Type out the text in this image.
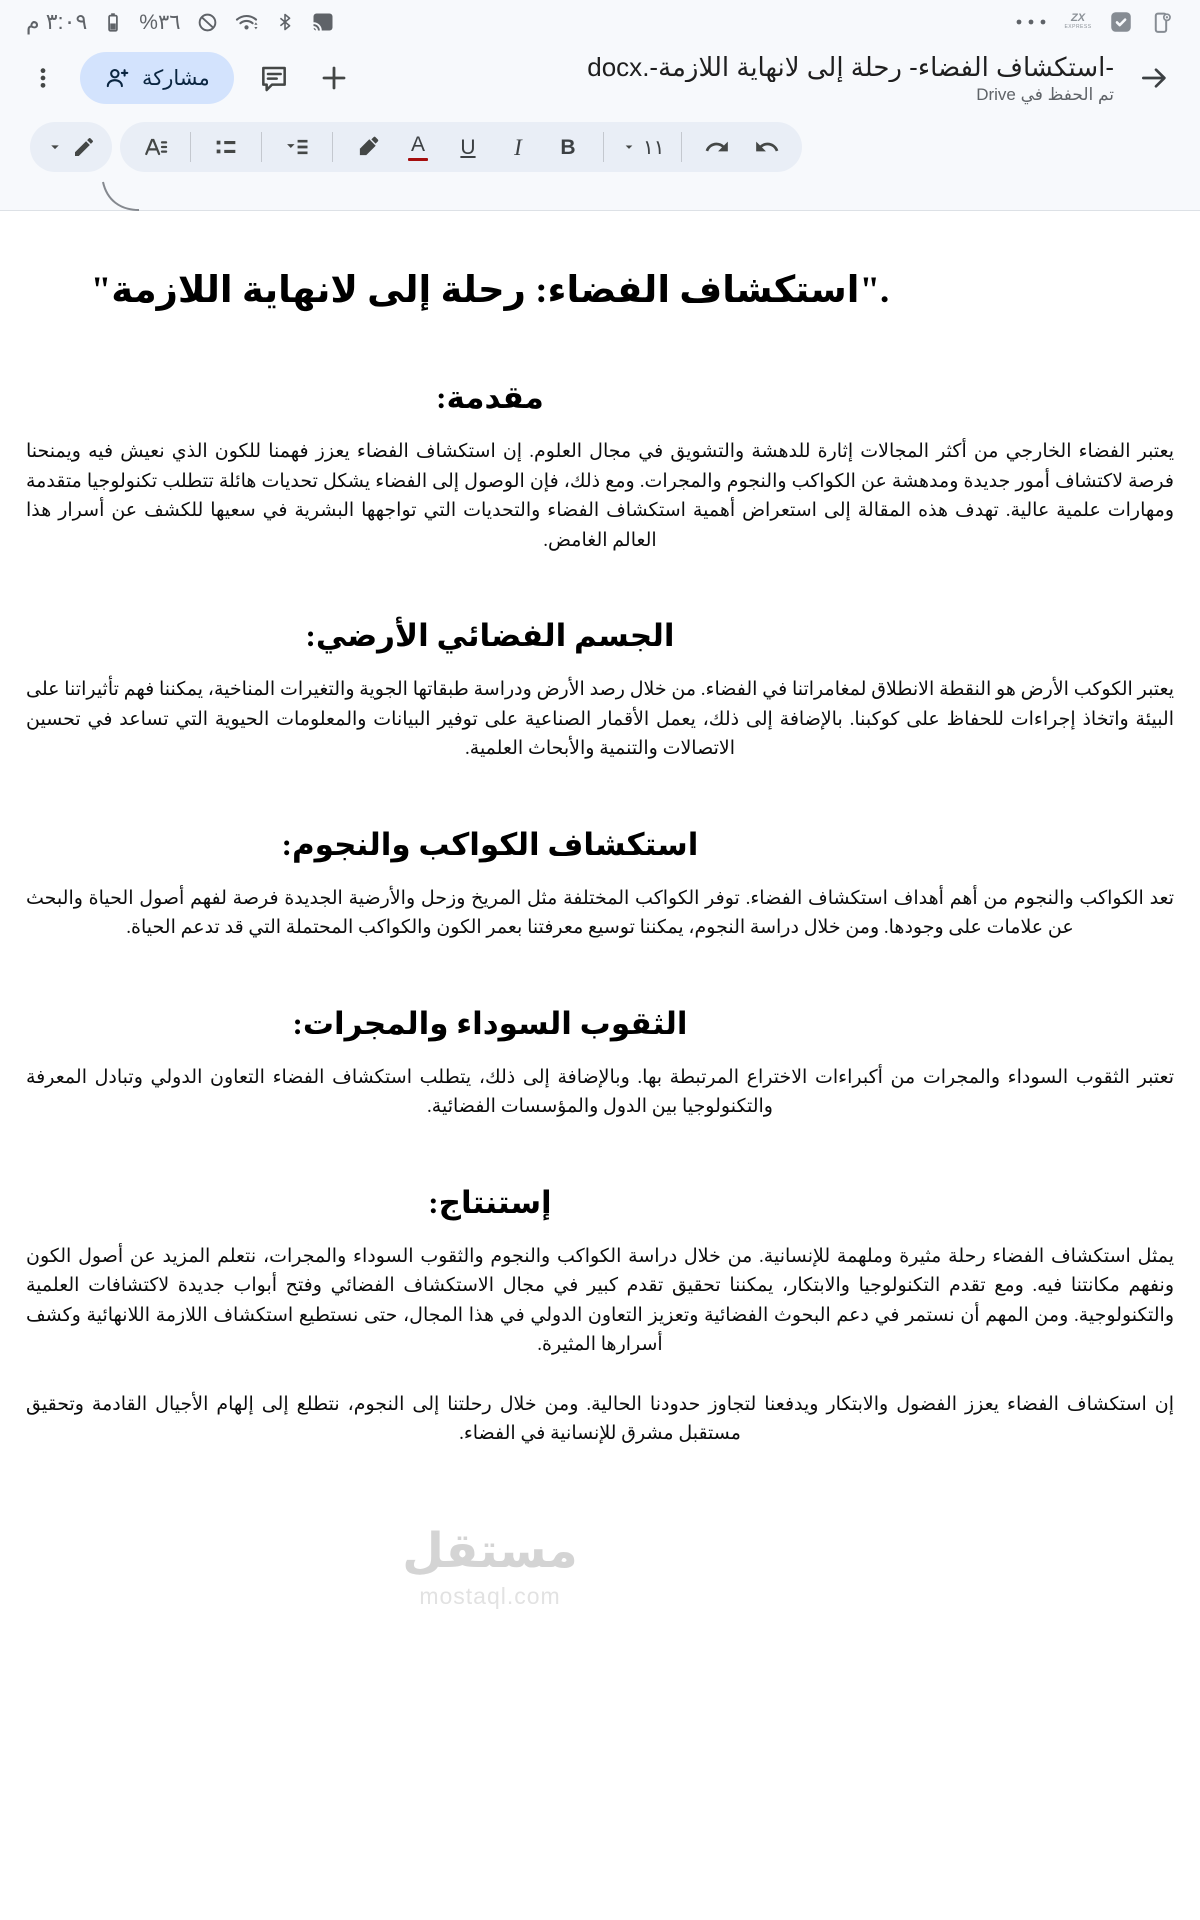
٣:٠٩ م ٣٦%	ZX
EXPRESS
مشاركة	-استكشاف الفضاء- رحلة إلى لانهاية اللازمة-.docx
تم الحفظ في Drive
A U I B	١١
."استكشاف الفضاء: رحلة إلى لانهاية اللازمة"
مقدمة:

يعتبر الفضاء الخارجي من أكثر المجالات إثارة للدهشة والتشويق في مجال العلوم. إن استكشاف الفضاء يعزز فهمنا للكون الذي نعيش فيه ويمنحنا فرصة لاكتشاف أمور جديدة ومدهشة عن الكواكب والنجوم والمجرات. ومع ذلك، فإن الوصول إلى الفضاء يشكل تحديات هائلة تتطلب تكنولوجيا متقدمة ومهارات علمية عالية. تهدف هذه المقالة إلى استعراض أهمية استكشاف الفضاء والتحديات التي تواجهها البشرية في سعيها للكشف عن أسرار هذا العالم الغامض.

الجسم الفضائي الأرضي:

يعتبر الكوكب الأرض هو النقطة الانطلاق لمغامراتنا في الفضاء. من خلال رصد الأرض ودراسة طبقاتها الجوية والتغيرات المناخية، يمكننا فهم تأثيراتنا على البيئة واتخاذ إجراءات للحفاظ على كوكبنا. بالإضافة إلى ذلك، يعمل الأقمار الصناعية على توفير البيانات والمعلومات الحيوية التي تساعد في تحسين الاتصالات والتنمية والأبحاث العلمية.

استكشاف الكواكب والنجوم:

تعد الكواكب والنجوم من أهم أهداف استكشاف الفضاء. توفر الكواكب المختلفة مثل المريخ وزحل والأرضية الجديدة فرصة لفهم أصول الحياة والبحث عن علامات على وجودها. ومن خلال دراسة النجوم، يمكننا توسيع معرفتنا بعمر الكون والكواكب المحتملة التي قد تدعم الحياة.

الثقوب السوداء والمجرات:

تعتبر الثقوب السوداء والمجرات من أكبراءات الاختراع المرتبطة بها. وبالإضافة إلى ذلك، يتطلب استكشاف الفضاء التعاون الدولي وتبادل المعرفة والتكنولوجيا بين الدول والمؤسسات الفضائية.

إستنتاج:

يمثل استكشاف الفضاء رحلة مثيرة وملهمة للإنسانية. من خلال دراسة الكواكب والنجوم والثقوب السوداء والمجرات، نتعلم المزيد عن أصول الكون ونفهم مكانتنا فيه. ومع تقدم التكنولوجيا والابتكار، يمكننا تحقيق تقدم كبير في مجال الاستكشاف الفضائي وفتح أبواب جديدة لاكتشافات العلمية والتكنولوجية. ومن المهم أن نستمر في دعم البحوث الفضائية وتعزيز التعاون الدولي في هذا المجال، حتى نستطيع استكشاف اللازمة اللانهائية وكشف أسرارها المثيرة.

إن استكشاف الفضاء يعزز الفضول والابتكار ويدفعنا لتجاوز حدودنا الحالية. ومن خلال رحلتنا إلى النجوم، نتطلع إلى إلهام الأجيال القادمة وتحقيق مستقبل مشرق للإنسانية في الفضاء.

مستقل
mostaql.com
